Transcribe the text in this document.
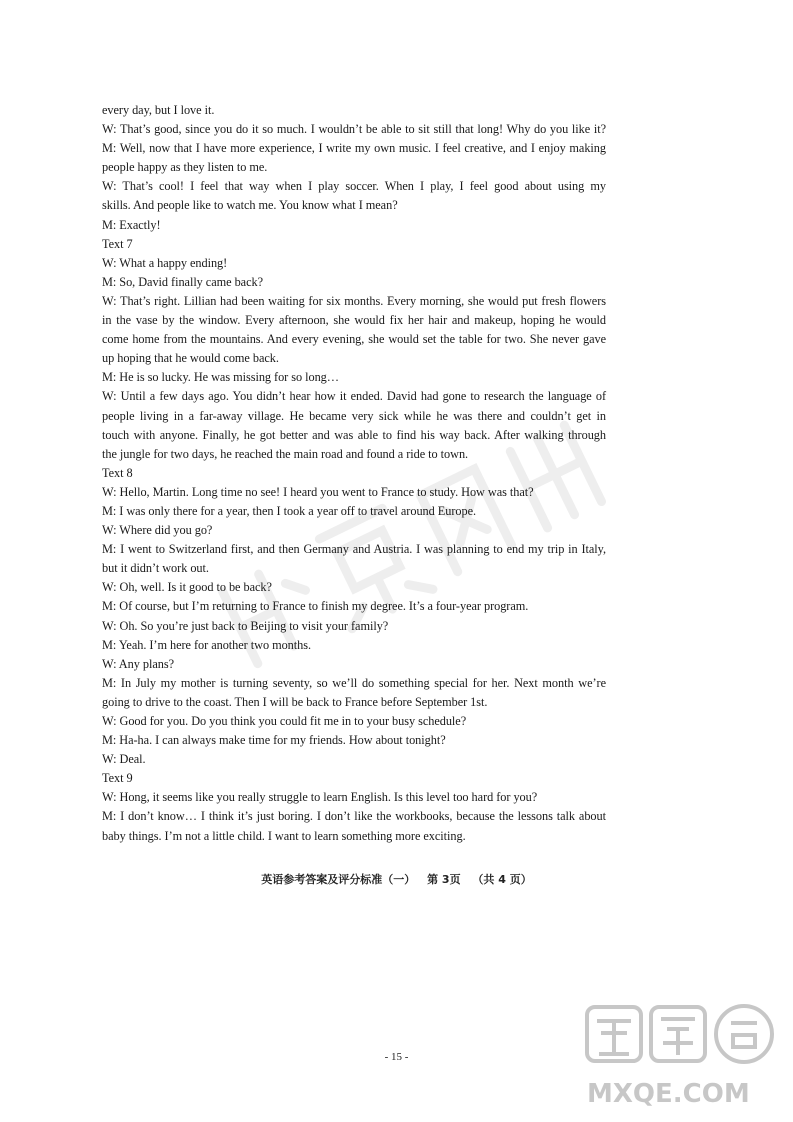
every day, but I love it.
W: That’s good, since you do it so much. I wouldn’t be able to sit still that long! Why do you like it?
M: Well, now that I have more experience, I write my own music. I feel creative, and I enjoy making
people happy as they listen to me.
W: That’s cool! I feel that way when I play soccer. When I play, I feel good about using my
skills. And people like to watch me. You know what I mean?
M: Exactly!
Text 7
W: What a happy ending!
M: So, David finally came back?
W: That’s right. Lillian had been waiting for six months. Every morning, she would put fresh flowers
in the vase by the window. Every afternoon, she would fix her hair and makeup, hoping he would
come home from the mountains. And every evening, she would set the table for two. She never gave
up hoping that he would come back.
M: He is so lucky. He was missing for so long…
W: Until a few days ago. You didn’t hear how it ended. David had gone to research the language of
people living in a far-away village. He became very sick while he was there and couldn’t get in
touch with anyone. Finally, he got better and was able to find his way back. After walking through
the jungle for two days, he reached the main road and found a ride to town.
Text 8
W: Hello, Martin. Long time no see! I heard you went to France to study. How was that?
M: I was only there for a year, then I took a year off to travel around Europe.
W: Where did you go?
M: I went to Switzerland first, and then Germany and Austria. I was planning to end my trip in Italy,
but it didn’t work out.
W: Oh, well. Is it good to be back?
M: Of course, but I’m returning to France to finish my degree. It’s a four-year program.
W: Oh. So you’re just back to Beijing to visit your family?
M: Yeah. I’m here for another two months.
W: Any plans?
M: In July my mother is turning seventy, so we’ll do something special for her. Next month we’re
going to drive to the coast. Then I will be back to France before September 1st.
W: Good for you. Do you think you could fit me in to your busy schedule?
M: Ha-ha. I can always make time for my friends. How about tonight?
W: Deal.
Text 9
W: Hong, it seems like you really struggle to learn English. Is this level too hard for you?
M: I don’t know… I think it’s just boring. I don’t like the workbooks, because the lessons talk about
baby things. I’m not a little child. I want to learn something more exciting.
英语参考答案及评分标准（一） 第 3页 （共 4 页）
- 15 -
MXQE.COM
